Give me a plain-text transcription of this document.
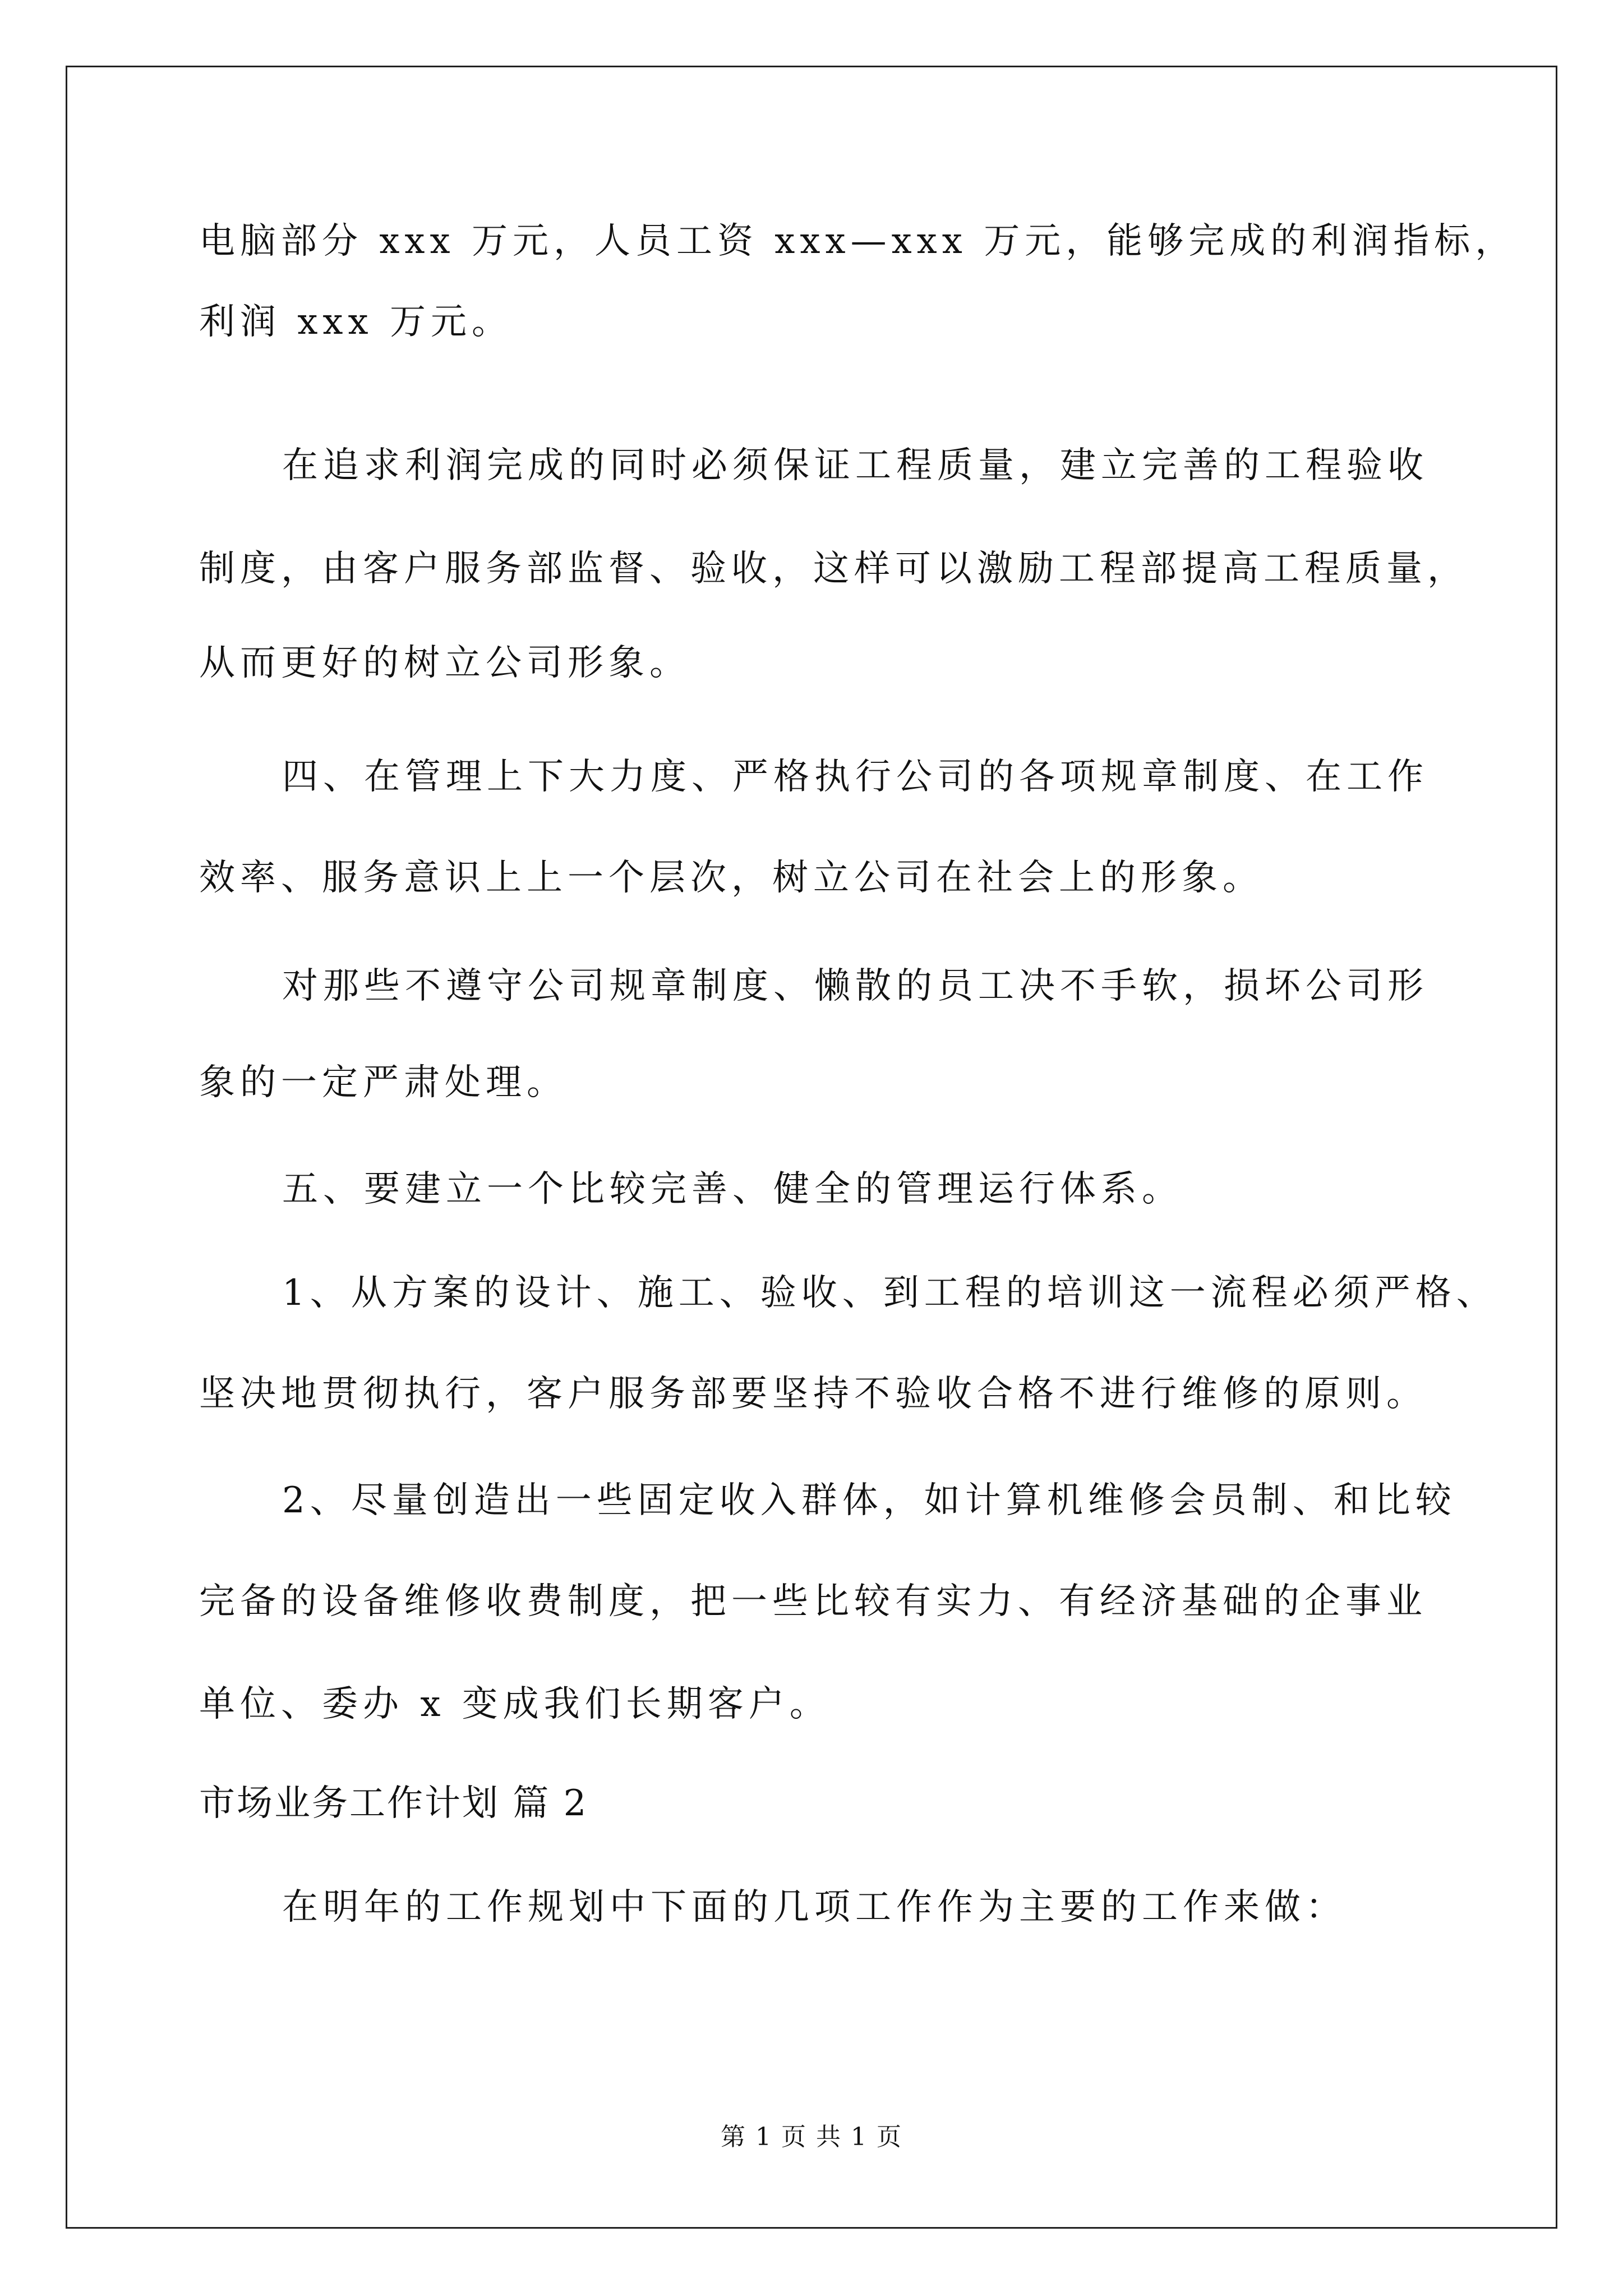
电脑部分 xxx 万元，人员工资 xxx—xxx 万元，能够完成的利润指标，
利润 xxx 万元。
在追求利润完成的同时必须保证工程质量，建立完善的工程验收
制度，由客户服务部监督、验收，这样可以激励工程部提高工程质量，
从而更好的树立公司形象。
四、在管理上下大力度、严格执行公司的各项规章制度、在工作
效率、服务意识上上一个层次，树立公司在社会上的形象。
对那些不遵守公司规章制度、懒散的员工决不手软，损坏公司形
象的一定严肃处理。
五、要建立一个比较完善、健全的管理运行体系。
1、从方案的设计、施工、验收、到工程的培训这一流程必须严格、
坚决地贯彻执行，客户服务部要坚持不验收合格不进行维修的原则。
2、尽量创造出一些固定收入群体，如计算机维修会员制、和比较
完备的设备维修收费制度，把一些比较有实力、有经济基础的企事业
单位、委办 x 变成我们长期客户。
市场业务工作计划 篇 2
在明年的工作规划中下面的几项工作作为主要的工作来做：
第 1 页 共 1 页
